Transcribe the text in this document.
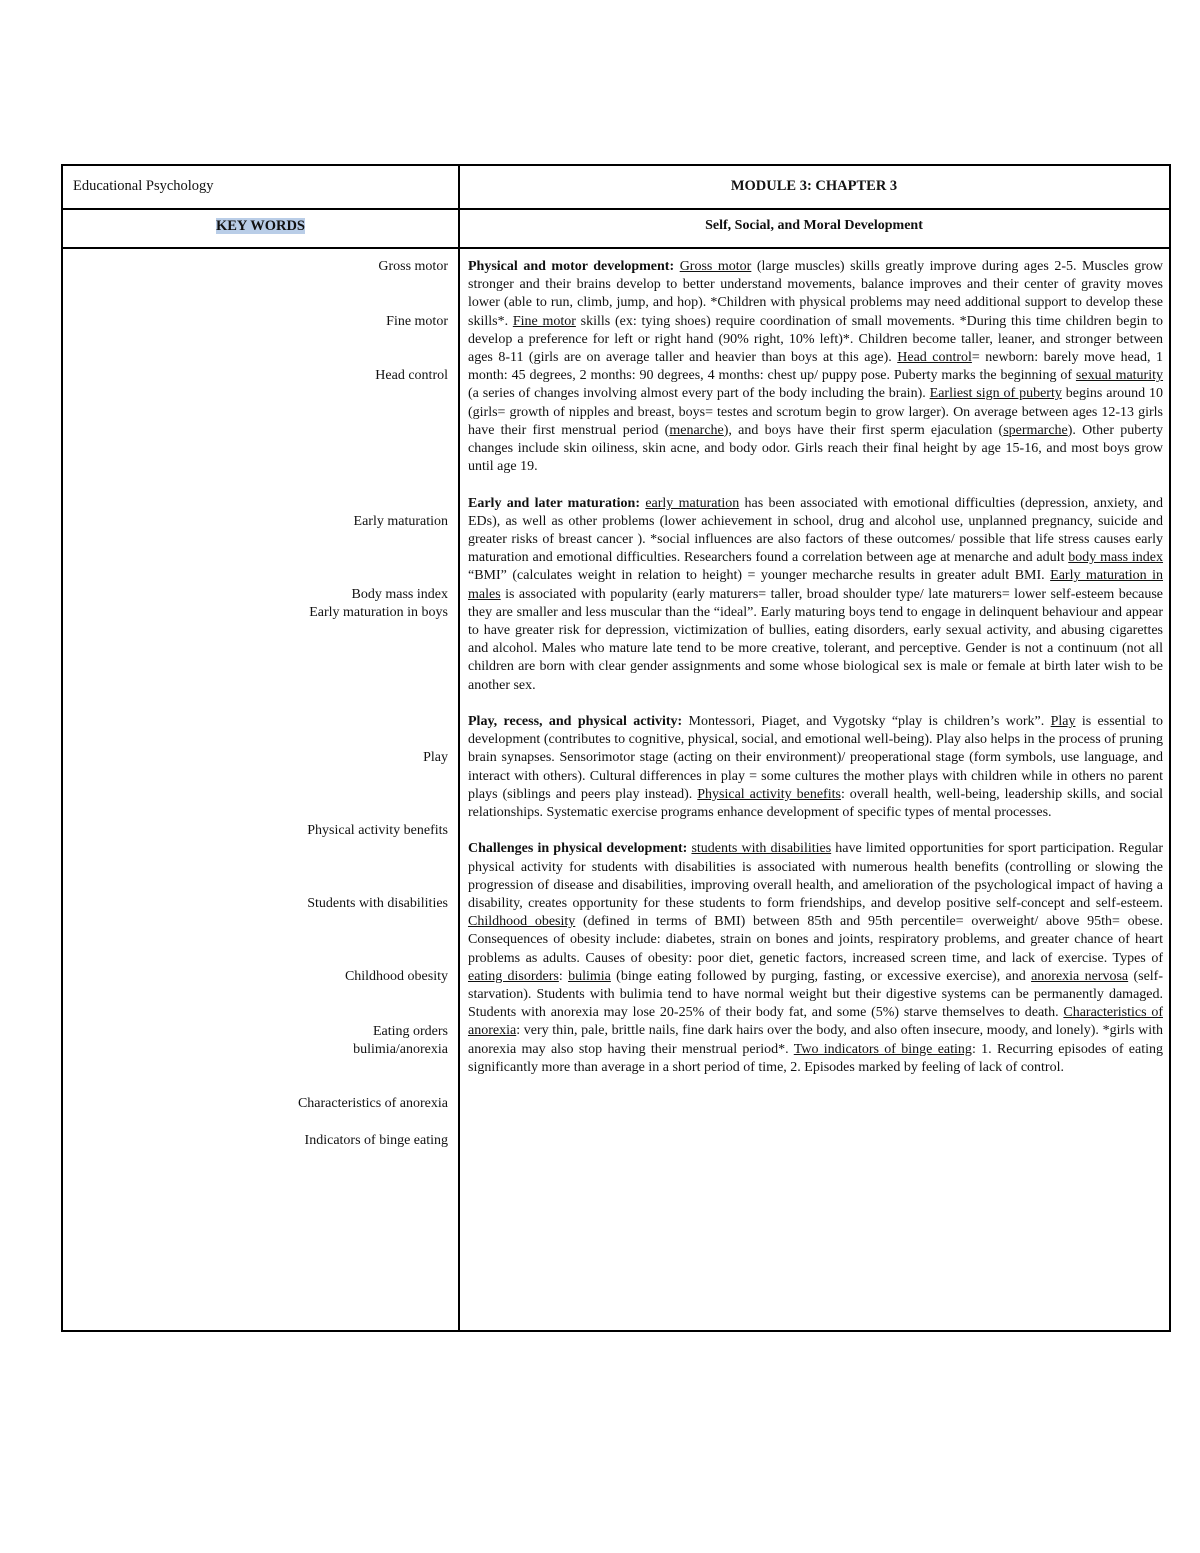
Educational Psychology	MODULE 3: CHAPTER 3
KEY WORDS	Self, Social, and Moral Development
Gross motor

Fine motor

Head control

Early maturation

Body mass index
Early maturation in boys

Play

Physical activity benefits

Students with disabilities

Childhood obesity

Eating orders
bulimia/anorexia

Characteristics of anorexia

Indicators of binge eating

Physical and motor development: Gross motor (large muscles) skills greatly improve during ages 2-5. Muscles grow stronger and their brains develop to better understand movements, balance improves and their center of gravity moves lower (able to run, climb, jump, and hop). *Children with physical problems may need additional support to develop these skills*. Fine motor skills (ex: tying shoes) require coordination of small movements. *During this time children begin to develop a preference for left or right hand (90% right, 10% left)*. Children become taller, leaner, and stronger between ages 8-11 (girls are on average taller and heavier than boys at this age). Head control= newborn: barely move head, 1 month: 45 degrees, 2 months: 90 degrees, 4 months: chest up/ puppy pose. Puberty marks the beginning of sexual maturity (a series of changes involving almost every part of the body including the brain). Earliest sign of puberty begins around 10 (girls= growth of nipples and breast, boys= testes and scrotum begin to grow larger). On average between ages 12-13 girls have their first menstrual period (menarche), and boys have their first sperm ejaculation (spermarche). Other puberty changes include skin oiliness, skin acne, and body odor. Girls reach their final height by age 15-16, and most boys grow until age 19.

Early and later maturation: early maturation has been associated with emotional difficulties (depression, anxiety, and EDs), as well as other problems (lower achievement in school, drug and alcohol use, unplanned pregnancy, suicide and greater risks of breast cancer ). *social influences are also factors of these outcomes/ possible that life stress causes early maturation and emotional difficulties. Researchers found a correlation between age at menarche and adult body mass index “BMI” (calculates weight in relation to height) = younger mecharche results in greater adult BMI. Early maturation in males is associated with popularity (early maturers= taller, broad shoulder type/ late maturers= lower self-esteem because they are smaller and less muscular than the “ideal”. Early maturing boys tend to engage in delinquent behaviour and appear to have greater risk for depression, victimization of bullies, eating disorders, early sexual activity, and abusing cigarettes and alcohol. Males who mature late tend to be more creative, tolerant, and perceptive. Gender is not a continuum (not all children are born with clear gender assignments and some whose biological sex is male or female at birth later wish to be another sex.

Play, recess, and physical activity: Montessori, Piaget, and Vygotsky “play is children’s work”. Play is essential to development (contributes to cognitive, physical, social, and emotional well-being). Play also helps in the process of pruning brain synapses. Sensorimotor stage (acting on their environment)/ preoperational stage (form symbols, use language, and interact with others). Cultural differences in play = some cultures the mother plays with children while in others no parent plays (siblings and peers play instead). Physical activity benefits: overall health, well-being, leadership skills, and social relationships. Systematic exercise programs enhance development of specific types of mental processes.

Challenges in physical development: students with disabilities have limited opportunities for sport participation. Regular physical activity for students with disabilities is associated with numerous health benefits (controlling or slowing the progression of disease and disabilities, improving overall health, and amelioration of the psychological impact of having a disability, creates opportunity for these students to form friendships, and develop positive self-concept and self-esteem. Childhood obesity (defined in terms of BMI) between 85th and 95th percentile= overweight/ above 95th= obese. Consequences of obesity include: diabetes, strain on bones and joints, respiratory problems, and greater chance of heart problems as adults. Causes of obesity: poor diet, genetic factors, increased screen time, and lack of exercise. Types of eating disorders: bulimia (binge eating followed by purging, fasting, or excessive exercise), and anorexia nervosa (self-starvation). Students with bulimia tend to have normal weight but their digestive systems can be permanently damaged. Students with anorexia may lose 20-25% of their body fat, and some (5%) starve themselves to death. Characteristics of anorexia: very thin, pale, brittle nails, fine dark hairs over the body, and also often insecure, moody, and lonely). *girls with anorexia may also stop having their menstrual period*. Two indicators of binge eating: 1. Recurring episodes of eating significantly more than average in a short period of time, 2. Episodes marked by feeling of lack of control.
